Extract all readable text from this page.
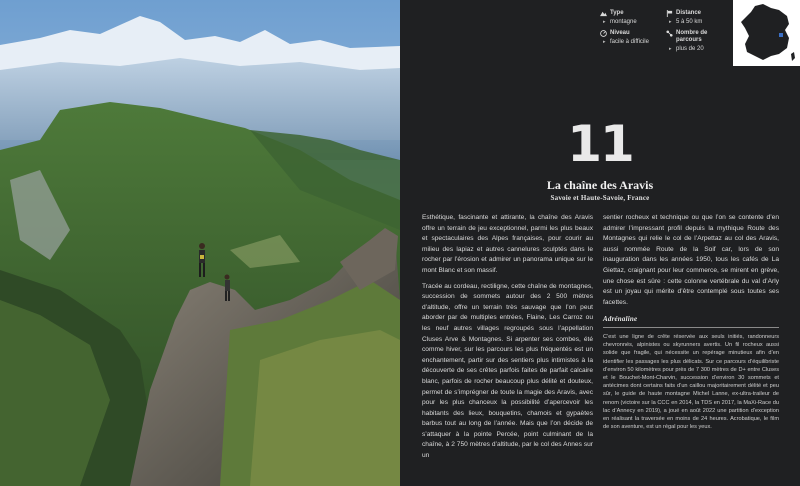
Type
▸ montagne
Niveau
▸ facile à difficile
Distance
▸ 5 à 50 km
Nombre de parcours
▸ plus de 20
11
La chaîne des Aravis
Savoie et Haute-Savoie, France

Esthétique, fascinante et attirante, la chaîne des Aravis offre un terrain de jeu exceptionnel, parmi les plus beaux et spectaculaires des Alpes françaises, pour courir au milieu des lapiaz et autres cannelures sculptés dans le rocher par l’érosion et admirer un panorama unique sur le mont Blanc et son massif.

Tracée au cordeau, rectiligne, cette chaîne de montagnes, succession de sommets autour des 2 500 mètres d’altitude, offre un terrain très sauvage que l’on peut aborder par de multiples entrées, Flaine, Les Carroz ou les neuf autres villages regroupés sous l’appellation Cluses Arve & Montagnes. Si arpenter ses combes, été comme hiver, sur les parcours les plus fréquentés est un enchantement, partir sur des sentiers plus intimistes à la découverte de ses crêtes parfois faites de parfait calcaire blanc, parfois de rocher beaucoup plus délité et douteux, permet de s’imprégner de toute la magie des Aravis, avec pour les plus chanceux la possibilité d’apercevoir les habitants des lieux, bouquetins, chamois et gypaètes barbus tout au long de l’année. Mais que l’on décide de s’attaquer à la pointe Percée, point culminant de la chaîne, à 2 750 mètres d’altitude, par le col des Annes sur un

sentier rocheux et technique ou que l’on se contente d’en admirer l’impressant profil depuis la mythique Route des Montagnes qui relie le col de l’Arpettaz au col des Aravis, aussi nommée Route de la Soif car, lors de son inauguration dans les années 1950, tous les cafés de La Giettaz, craignant pour leur commerce, se mirent en grève, une chose est sûre : cette colonne vertébrale du val d’Arly est un joyau qui mérite d’être contemplé sous toutes ses facettes.

Adrénaline
C’est une ligne de crête réservée aux seuls initiés, randonneurs chevronnés, alpinistes ou skyrunners avertis. Un fil rocheux aussi solide que fragile, qui nécessite un repérage minutieux afin d’en identifier les passages les plus délicats. Sur ce parcours d’équilibriste d’environ 50 kilomètres pour près de 7 300 mètres de D+ entre Cluses et le Bouchet-Mont-Charvin, succession d’environ 30 sommets et antécimes dont certains faits d’un caillou majoritairement délité et peu sûr, le guide de haute montagne Michel Lanne, ex-ultra-traileur de renom (victoire sur la CCC en 2014, la TDS en 2017, la MaXi-Race du lac d’Annecy en 2019), a joué en août 2022 une partition d’exception en réalisant la traversée en moins de 24 heures. Acrobatique, le film de son aventure, est un régal pour les yeux.
